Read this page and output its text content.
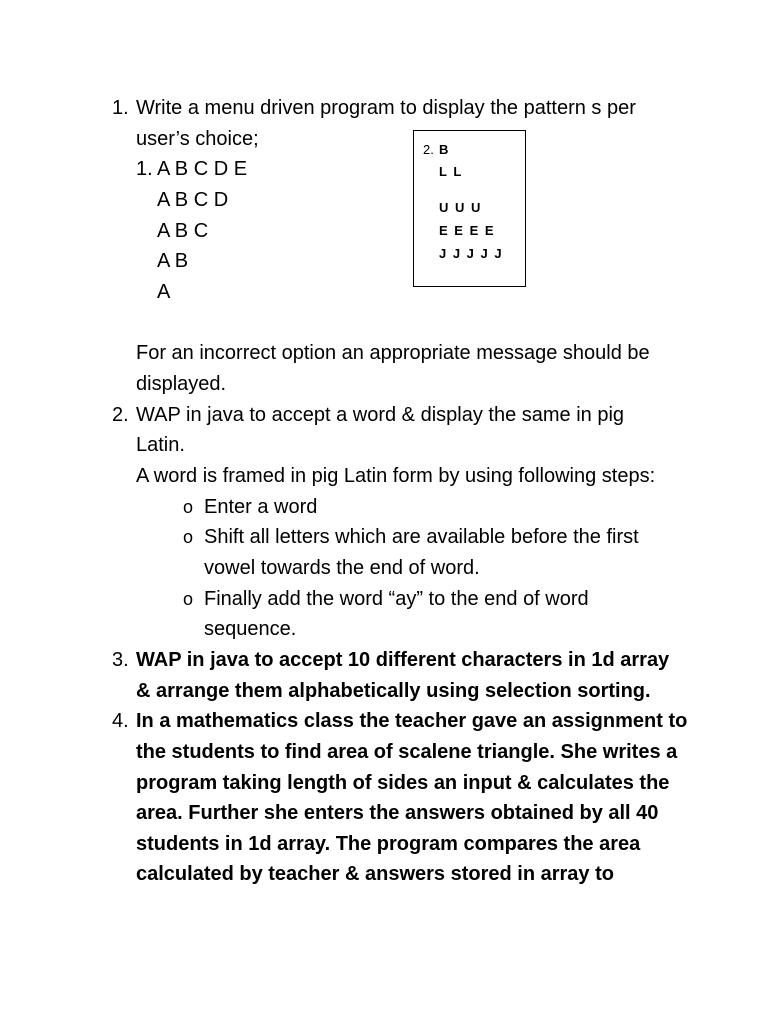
1. Write a menu driven program to display the pattern s per
user’s choice;
1. A B C D E
A B C D
A B C
A B
A
2. B
L L
U U U
E E E E
J J J J J
For an incorrect option an appropriate message should be
displayed.
2. WAP in java to accept a word & display the same in pig
Latin.
A word is framed in pig Latin form by using following steps:
o Enter a word
o Shift all letters which are available before the first
vowel towards the end of word.
o Finally add the word “ay” to the end of word
sequence.
3. WAP in java to accept 10 different characters in 1d array
& arrange them alphabetically using selection sorting.
4. In a mathematics class the teacher gave an assignment to
the students to find area of scalene triangle. She writes a
program taking length of sides an input & calculates the
area. Further she enters the answers obtained by all 40
students in 1d array. The program compares the area
calculated by teacher & answers stored in array to
